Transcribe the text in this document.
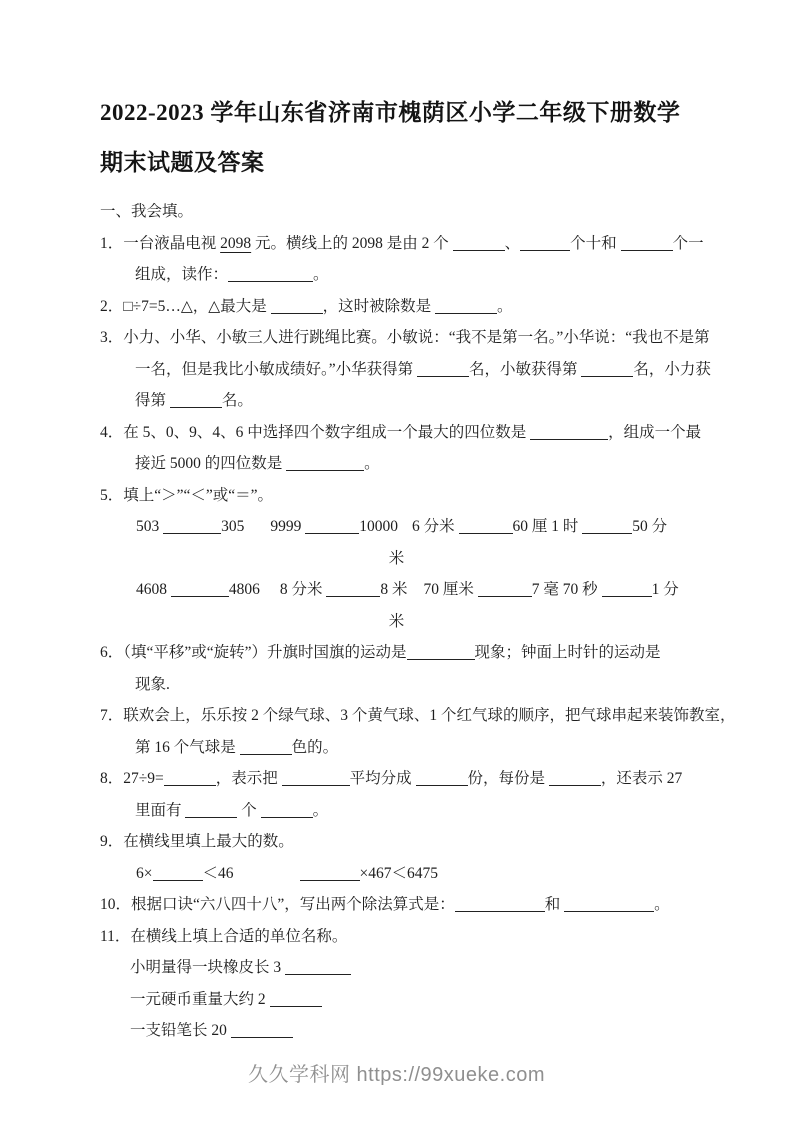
2022-2023 学年山东省济南市槐荫区小学二年级下册数学期末试题及答案
一、我会填。
1．一台液晶电视 2098 元。横线上的 2098 是由 2 个	、	个十和	个一
组成，读作：	。
2．□÷7=5…△，△最大是	，这时被除数是	。
3．小力、小华、小敏三人进行跳绳比赛。小敏说：“我不是第一名。”小华说：“我也不是第
一名，但是我比小敏成绩好。”小华获得第	名，小敏获得第	名，小力获
得第	名。
4．在 5、0、9、4、6 中选择四个数字组成一个最大的四位数是	，组成一个最
接近 5000 的四位数是	。
5．填上“＞”“＜”或“＝”。
503	305 9999	10000 6 分米	60 厘 1 时	50 分
米
4608	4806 8 分米	8 米 70 厘米	7 毫 70 秒	1 分
米
6．（填“平移”或“旋转”）升旗时国旗的运动是	现象；钟面上时针的运动是
现象.
7．联欢会上，乐乐按 2 个绿气球、3 个黄气球、1 个红气球的顺序，把气球串起来装饰教室，
第 16 个气球是	色的。
8．27÷9=	，表示把	平均分成	份，每份是	，还表示 27
里面有	个	。
9．在横线里填上最大的数。
6×	＜46	×467＜6475
10．根据口诀“六八四十八”，写出两个除法算式是：	和	。
11．在横线上填上合适的单位名称。
小明量得一块橡皮长 3
一元硬币重量大约 2
一支铅笔长 20
久久学科网 https://99xueke.com
